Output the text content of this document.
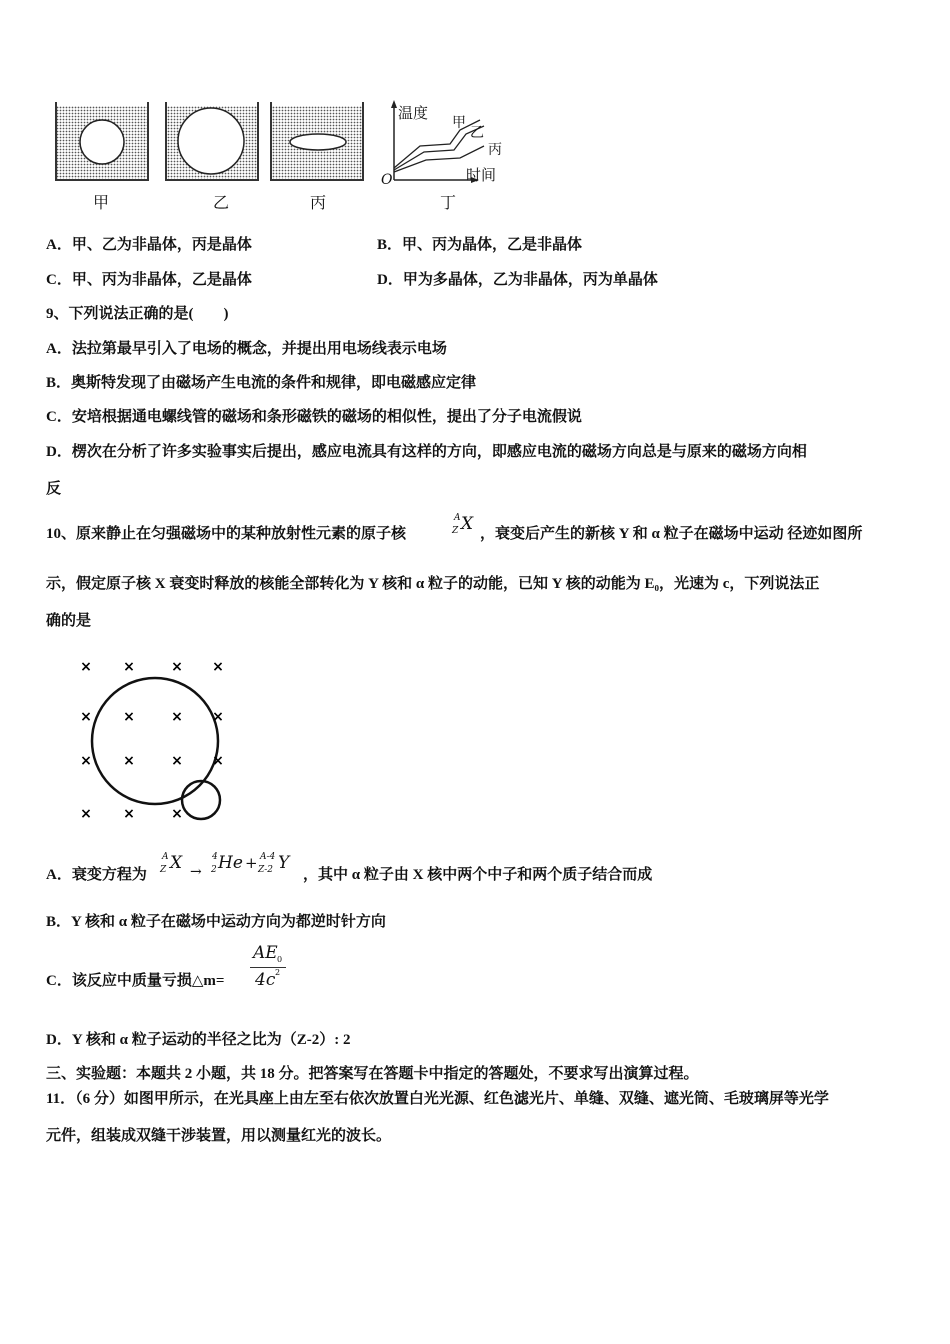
甲	乙	丙	丁
温度
时间
O
甲
乙
丙
A．甲、乙为非晶体，丙是晶体	B．甲、丙为晶体，乙是非晶体
C．甲、丙为非晶体，乙是晶体	D．甲为多晶体，乙为非晶体，丙为单晶体
9、下列说法正确的是(　　)
A．法拉第最早引入了电场的概念，并提出用电场线表示电场
B．奥斯特发现了由磁场产生电流的条件和规律，即电磁感应定律
C．安培根据通电螺线管的磁场和条形磁铁的磁场的相似性，提出了分子电流假说
D．楞次在分析了许多实验事实后提出，感应电流具有这样的方向，即感应电流的磁场方向总是与原来的磁场方向相
反
10、原来静止在匀强磁场中的某种放射性元素的原子核
A
Z X ，衰变后产生的新核 Y 和 α 粒子在磁场中运动 径迹如图所
示，假定原子核 X 衰变时释放的核能全部转化为 Y 核和 α 粒子的动能，已知 Y 核的动能为 E₀，光速为 c，下列说法正
确的是
× ×	× ×
× ×	× ×
× ×	× ×
× ×	×
A．衰变方程为
A
Z X →
4
2 He + A-4
Z-2 Y
，其中 α 粒子由 X 核中两个中子和两个质子结合而成
B．Y 核和 α 粒子在磁场中运动方向为都逆时针方向
C．该反应中质量亏损△m=
AE 0
4c 2
D．Y 核和 α 粒子运动的半径之比为（Z-2）: 2
三、实验题：本题共 2 小题，共 18 分。把答案写在答题卡中指定的答题处，不要求写出演算过程。
11．（6 分）如图甲所示，在光具座上由左至右依次放置白光光源、红色滤光片、单缝、双缝、遮光筒、毛玻璃屏等光学
元件，组装成双缝干涉装置，用以测量红光的波长。
